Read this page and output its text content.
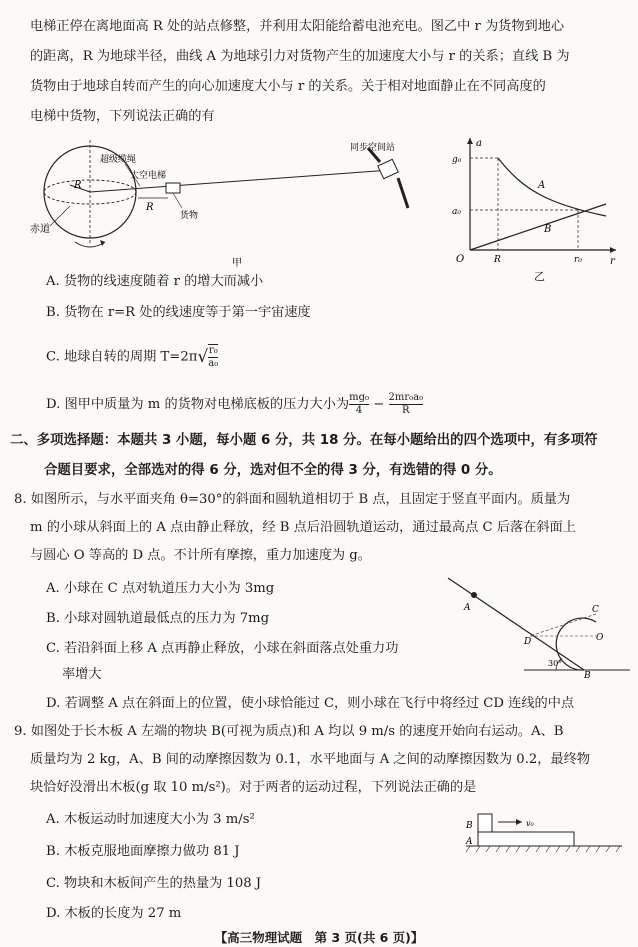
电梯正停在离地面高 R 处的站点修整，并利用太阳能给蓄电池充电。图乙中 r 为货物到地心
的距离，R 为地球半径，曲线 A 为地球引力对货物产生的加速度大小与 r 的关系；直线 B 为
货物由于地球自转而产生的向心加速度大小与 r 的关系。关于相对地面静止在不同高度的
电梯中货物，下列说法正确的有
R
R
货物
超级缆绳
太空电梯
赤道
同步空间站
甲
a
r
O
g₀
a₀
A
B
R	r₀
乙
A. 货物的线速度随着 r 的增大而减小
B. 货物在 r=R 处的线速度等于第一宇宙速度
C. 地球自转的周期 $T=2\pi√ \frac{\text{r₀}}{\text{a₀}}$
D. 图甲中质量为 m 的货物对电梯底板的压力大小为 $\frac{\text{mg₀}}{4} - \frac{\text{2mr₀a₀}}{R}$
二、多项选择题：本题共 3 小题，每小题 6 分，共 18 分。在每小题给出的四个选项中，有多项符
合题目要求，全部选对的得 6 分，选对但不全的得 3 分，有选错的得 0 分。
8. 如图所示，与水平面夹角 θ=30°的斜面和圆轨道相切于 B 点，且固定于竖直平面内。质量为
m 的小球从斜面上的 A 点由静止释放，经 B 点后沿圆轨道运动，通过最高点 C 后落在斜面上
与圆心 O 等高的 D 点。不计所有摩擦，重力加速度为 g。
A. 小球在 C 点对轨道压力大小为 3mg
B. 小球对圆轨道最低点的压力为 7mg
C. 若沿斜面上移 A 点再静止释放，小球在斜面落点处重力功
率增大
D. 若调整 A 点在斜面上的位置，使小球恰能过 C，则小球在飞行中将经过 CD 连线的中点
A	C
O
D
B
30°
9. 如图处于长木板 A 左端的物块 B(可视为质点)和 A 均以 9 m/s 的速度开始向右运动。A、B
质量均为 2 kg，A、B 间的动摩擦因数为 0.1，水平地面与 A 之间的动摩擦因数为 0.2，最终物
块恰好没滑出木板(g 取 10 m/s²)。对于两者的运动过程，下列说法正确的是
A. 木板运动时加速度大小为 3 m/s²
B. 木板克服地面摩擦力做功 81 J
C. 物块和木板间产生的热量为 108 J
D. 木板的长度为 27 m
v₀
B
A
【高三物理试题　第 3 页(共 6 页)】
